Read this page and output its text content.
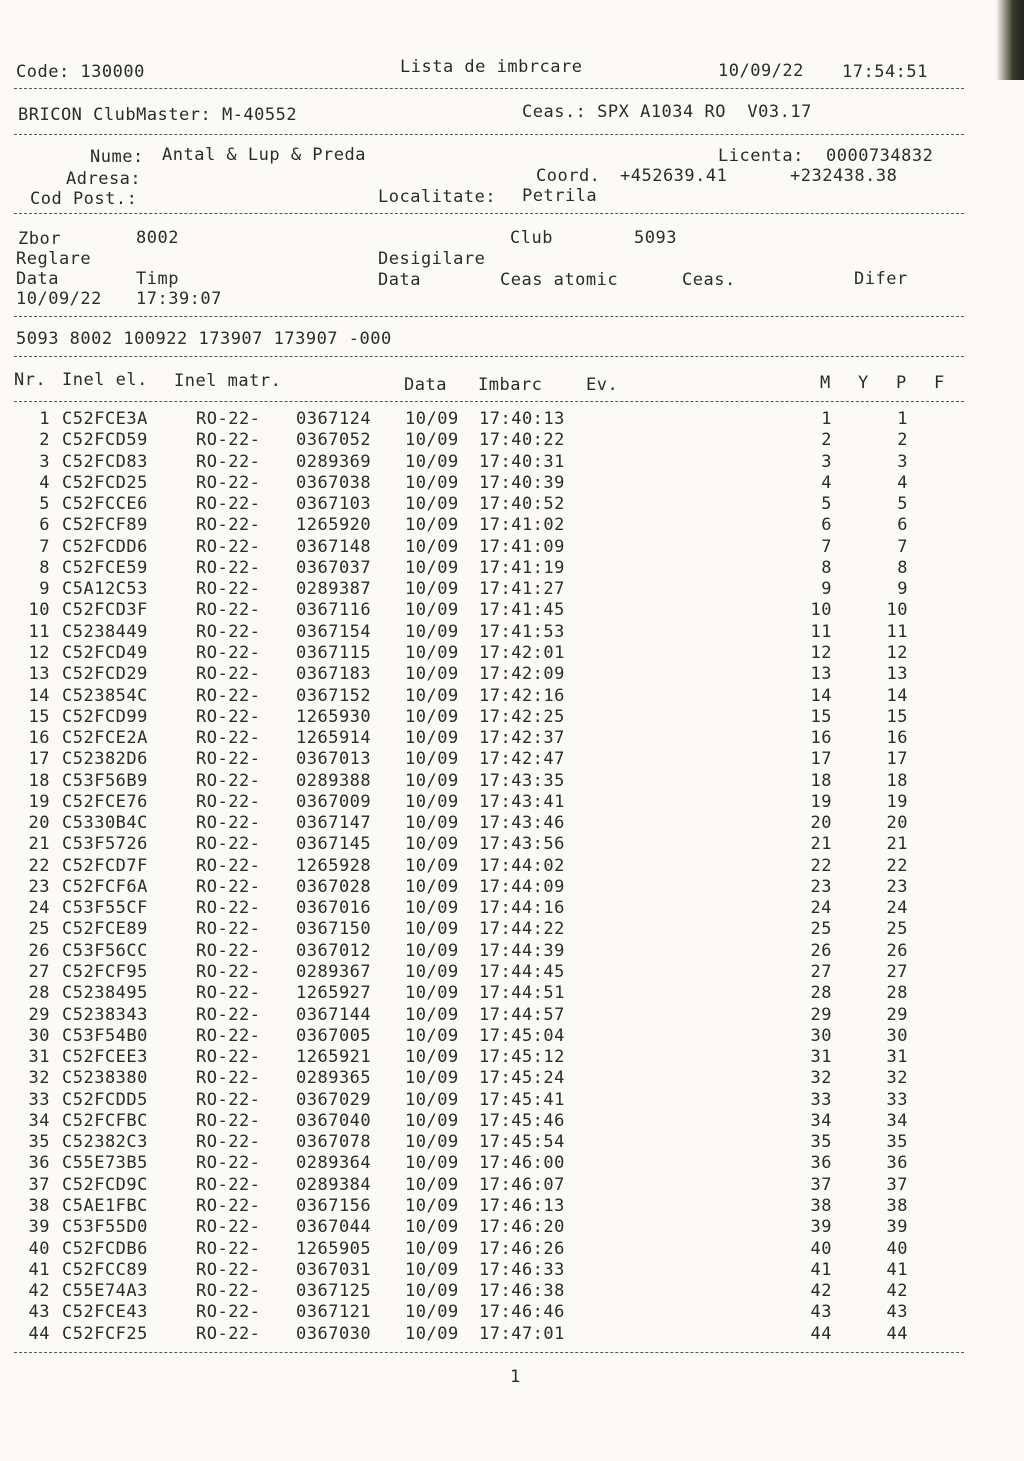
Code: 130000	Lista de imbrcare	10/09/22 17:54:51
BRICON ClubMaster: M-40552	Ceas.: SPX A1034 RO  V03.17
Nume: Antal & Lup & Preda	Licenta: 0000734832
Adresa:	Coord. +452639.41	+232438.38
Cod Post.:	Localitate: Petrila
Zbor	8002	Club	5093
Reglare	Desigilare
Data	Timp	Data	Ceas atomic	Ceas.	Difer
10/09/22 17:39:07
5093 8002 100922 173907 173907 -000
Nr. Inel el. Inel matr.	Data Imbarc	Ev.	M Y P F
1 C52FCE3A	RO-22- 0367124 10/09 17:40:13	1	1
2 C52FCD59	RO-22- 0367052 10/09 17:40:22	2	2
3 C52FCD83	RO-22- 0289369 10/09 17:40:31	3	3
4 C52FCD25	RO-22- 0367038 10/09 17:40:39	4	4
5 C52FCCE6	RO-22- 0367103 10/09 17:40:52	5	5
6 C52FCF89	RO-22- 1265920 10/09 17:41:02	6	6
7 C52FCDD6	RO-22- 0367148 10/09 17:41:09	7	7
8 C52FCE59	RO-22- 0367037 10/09 17:41:19	8	8
9 C5A12C53	RO-22- 0289387 10/09 17:41:27	9	9
10 C52FCD3F	RO-22- 0367116 10/09 17:41:45	10	10
11 C5238449	RO-22- 0367154 10/09 17:41:53	11	11
12 C52FCD49	RO-22- 0367115 10/09 17:42:01	12	12
13 C52FCD29	RO-22- 0367183 10/09 17:42:09	13	13
14 C523854C	RO-22- 0367152 10/09 17:42:16	14	14
15 C52FCD99	RO-22- 1265930 10/09 17:42:25	15	15
16 C52FCE2A	RO-22- 1265914 10/09 17:42:37	16	16
17 C52382D6	RO-22- 0367013 10/09 17:42:47	17	17
18 C53F56B9	RO-22- 0289388 10/09 17:43:35	18	18
19 C52FCE76	RO-22- 0367009 10/09 17:43:41	19	19
20 C5330B4C	RO-22- 0367147 10/09 17:43:46	20	20
21 C53F5726	RO-22- 0367145 10/09 17:43:56	21	21
22 C52FCD7F	RO-22- 1265928 10/09 17:44:02	22	22
23 C52FCF6A	RO-22- 0367028 10/09 17:44:09	23	23
24 C53F55CF	RO-22- 0367016 10/09 17:44:16	24	24
25 C52FCE89	RO-22- 0367150 10/09 17:44:22	25	25
26 C53F56CC	RO-22- 0367012 10/09 17:44:39	26	26
27 C52FCF95	RO-22- 0289367 10/09 17:44:45	27	27
28 C5238495	RO-22- 1265927 10/09 17:44:51	28	28
29 C5238343	RO-22- 0367144 10/09 17:44:57	29	29
30 C53F54B0	RO-22- 0367005 10/09 17:45:04	30	30
31 C52FCEE3	RO-22- 1265921 10/09 17:45:12	31	31
32 C5238380	RO-22- 0289365 10/09 17:45:24	32	32
33 C52FCDD5	RO-22- 0367029 10/09 17:45:41	33	33
34 C52FCFBC	RO-22- 0367040 10/09 17:45:46	34	34
35 C52382C3	RO-22- 0367078 10/09 17:45:54	35	35
36 C55E73B5	RO-22- 0289364 10/09 17:46:00	36	36
37 C52FCD9C	RO-22- 0289384 10/09 17:46:07	37	37
38 C5AE1FBC	RO-22- 0367156 10/09 17:46:13	38	38
39 C53F55D0	RO-22- 0367044 10/09 17:46:20	39	39
40 C52FCDB6	RO-22- 1265905 10/09 17:46:26	40	40
41 C52FCC89	RO-22- 0367031 10/09 17:46:33	41	41
42 C55E74A3	RO-22- 0367125 10/09 17:46:38	42	42
43 C52FCE43	RO-22- 0367121 10/09 17:46:46	43	43
44 C52FCF25	RO-22- 0367030 10/09 17:47:01	44	44
1
